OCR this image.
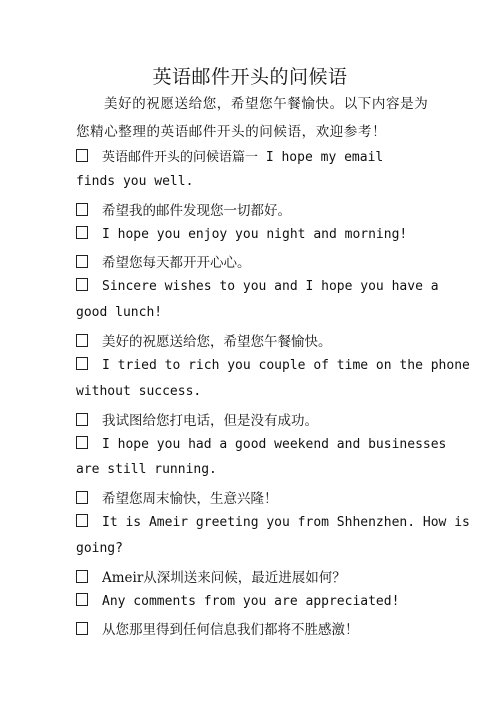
英语邮件开头的问候语
美好的祝愿送给您，希望您午餐愉快。以下内容是为
您精心整理的英语邮件开头的问候语，欢迎参考！
英语邮件开头的问候语篇一 I hope my email
finds you well.
希望我的邮件发现您一切都好。
I hope you enjoy you night and morning!
希望您每天都开开心心。
Sincere wishes to you and I hope you have a
good lunch!
美好的祝愿送给您，希望您午餐愉快。
I tried to rich you couple of time on the phone
without success.
我试图给您打电话，但是没有成功。
I hope you had a good weekend and businesses
are still running.
希望您周末愉快，生意兴隆！
It is Ameir greeting you from Shhenzhen. How is
going?
Ameir从深圳送来问候，最近进展如何？
Any comments from you are appreciated!
从您那里得到任何信息我们都将不胜感激！
